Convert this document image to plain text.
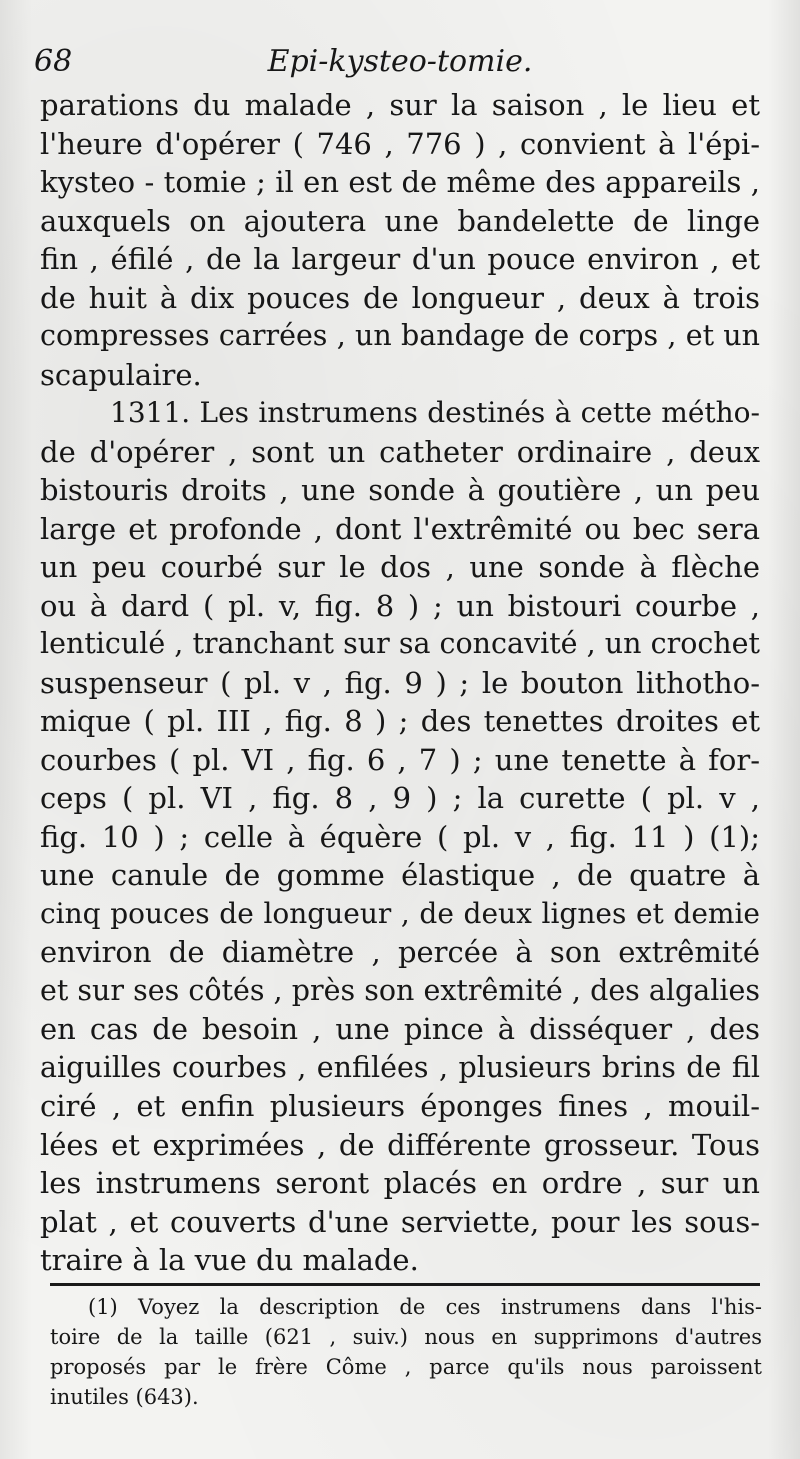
68	Epi-kysteo-tomie.
parations du malade , sur la saison , le lieu et
l'heure d'opérer ( 746 , 776 ) , convient à l'épi-
kysteo - tomie ; il en est de même des appareils ,
auxquels on ajoutera une bandelette de linge
fin , éfilé , de la largeur d'un pouce environ , et
de huit à dix pouces de longueur , deux à trois
compresses carrées , un bandage de corps , et un
scapulaire.
1311. Les instrumens destinés à cette métho-
de d'opérer , sont un catheter ordinaire , deux
bistouris droits , une sonde à goutière , un peu
large et profonde , dont l'extrêmité ou bec sera
un peu courbé sur le dos , une sonde à flèche
ou à dard ( pl. v, fig. 8 ) ; un bistouri courbe ,
lenticulé , tranchant sur sa concavité , un crochet
suspenseur ( pl. v , fig. 9 ) ; le bouton lithotho-
mique ( pl. III , fig. 8 ) ; des tenettes droites et
courbes ( pl. VI , fig. 6 , 7 ) ; une tenette à for-
ceps ( pl. VI , fig. 8 , 9 ) ; la curette ( pl. v ,
fig. 10 ) ; celle à équère ( pl. v , fig. 11 ) (1);
une canule de gomme élastique , de quatre à
cinq pouces de longueur , de deux lignes et demie
environ de diamètre , percée à son extrêmité
et sur ses côtés , près son extrêmité , des algalies
en cas de besoin , une pince à disséquer , des
aiguilles courbes , enfilées , plusieurs brins de fil
ciré , et enfin plusieurs éponges fines , mouil-
lées et exprimées , de différente grosseur. Tous
les instrumens seront placés en ordre , sur un
plat , et couverts d'une serviette, pour les sous-
traire à la vue du malade.
(1) Voyez la description de ces instrumens dans l'his-
toire de la taille (621 , suiv.) nous en supprimons d'autres
proposés par le frère Côme , parce qu'ils nous paroissent
inutiles (643).
